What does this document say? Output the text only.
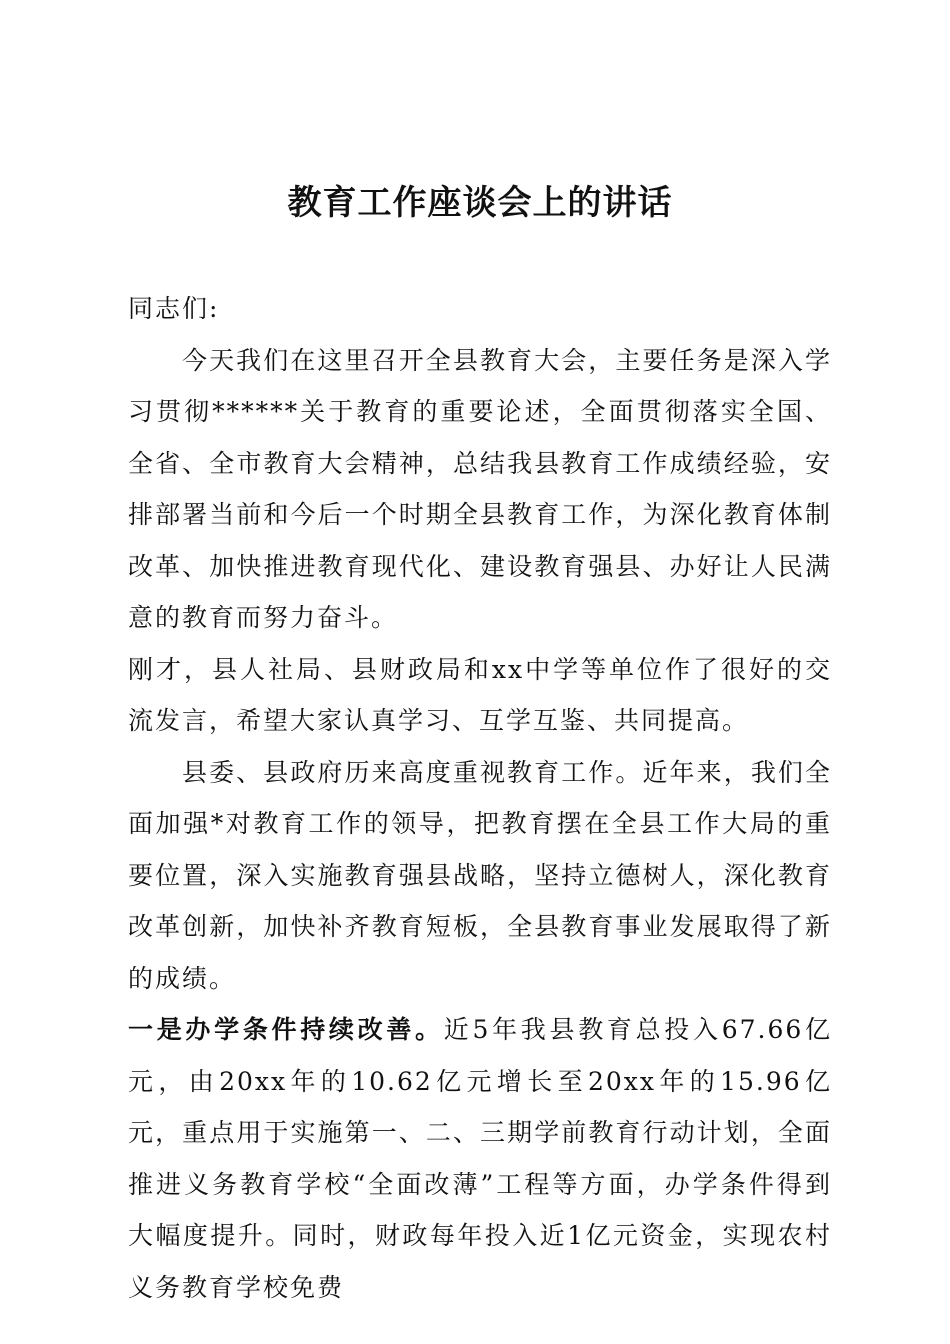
教育工作座谈会上的讲话

同志们:

今天我们在这里召开全县教育大会，主要任务是深入学习贯彻******关于教育的重要论述，全面贯彻落实全国、全省、全市教育大会精神，总结我县教育工作成绩经验，安排部署当前和今后一个时期全县教育工作，为深化教育体制改革、加快推进教育现代化、建设教育强县、办好让人民满意的教育而努力奋斗。

刚才，县人社局、县财政局和xx中学等单位作了很好的交流发言，希望大家认真学习、互学互鉴、共同提高。

县委、县政府历来高度重视教育工作。近年来，我们全面加强*对教育工作的领导，把教育摆在全县工作大局的重要位置，深入实施教育强县战略，坚持立德树人，深化教育改革创新，加快补齐教育短板，全县教育事业发展取得了新的成绩。

一是办学条件持续改善。近5年我县教育总投入67.66亿元，由20xx年的10.62亿元增长至20xx年的15.96亿元，重点用于实施第一、二、三期学前教育行动计划，全面推进义务教育学校“全面改薄”工程等方面，办学条件得到大幅度提升。同时，财政每年投入近1亿元资金，实现农村义务教育学校免费
